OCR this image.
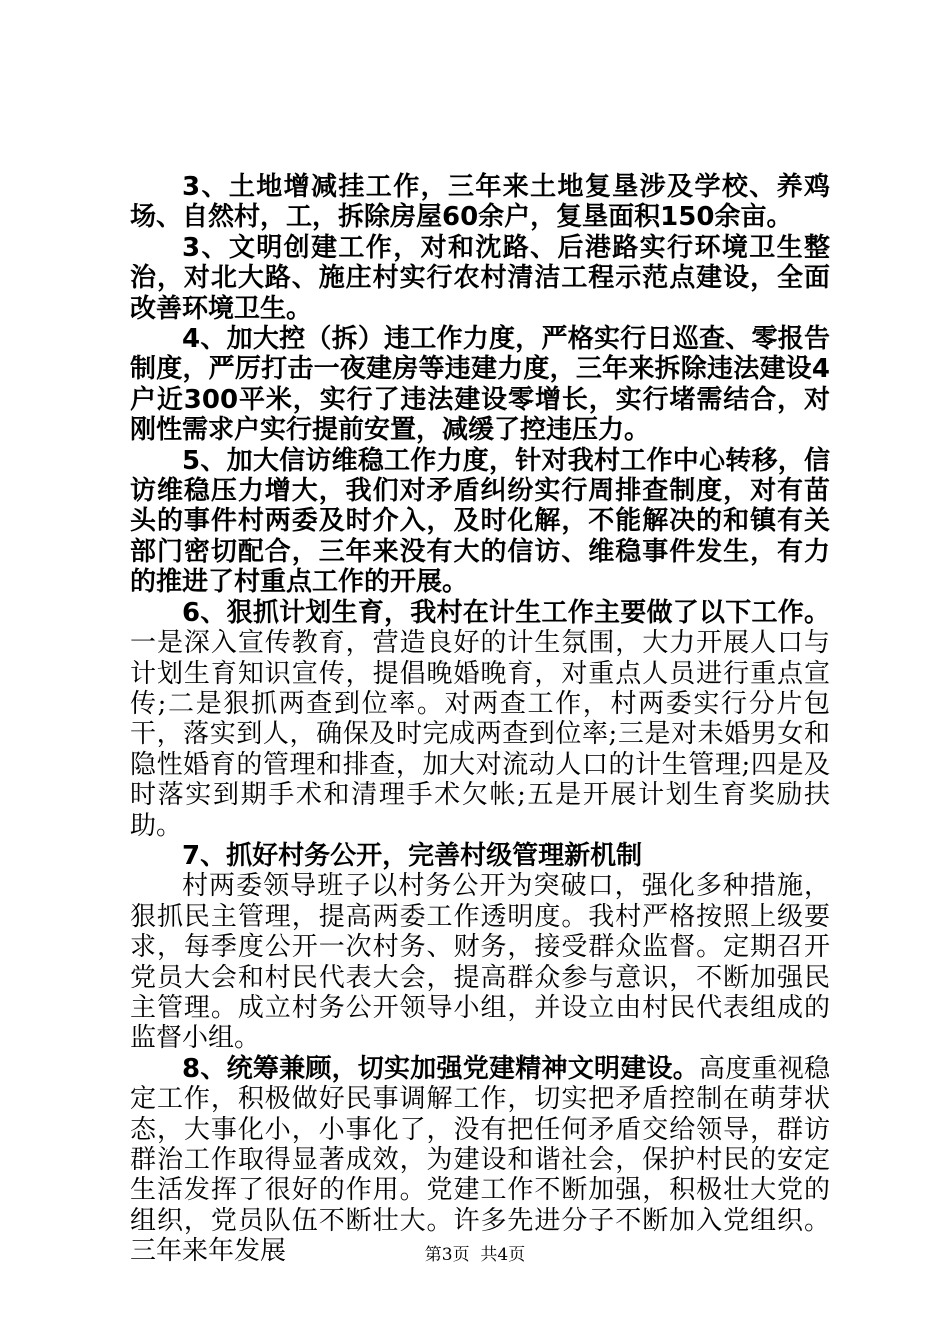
3、土地增减挂工作，三年来土地复垦涉及学校、养鸡场、自然村，工，拆除房屋60余户，复垦面积150余亩。

3、文明创建工作，对和沈路、后港路实行环境卫生整治，对北大路、施庄村实行农村清洁工程示范点建设，全面改善环境卫生。

4、加大控（拆）违工作力度，严格实行日巡查、零报告制度，严厉打击一夜建房等违建力度，三年来拆除违法建设4户近300平米，实行了违法建设零增长，实行堵需结合，对刚性需求户实行提前安置，减缓了控违压力。

5、加大信访维稳工作力度，针对我村工作中心转移，信访维稳压力增大，我们对矛盾纠纷实行周排查制度，对有苗头的事件村两委及时介入，及时化解，不能解决的和镇有关部门密切配合，三年来没有大的信访、维稳事件发生，有力的推进了村重点工作的开展。

6、狠抓计划生育，我村在计生工作主要做了以下工作。一是深入宣传教育，营造良好的计生氛围，大力开展人口与计划生育知识宣传，提倡晚婚晚育，对重点人员进行重点宣传;二是狠抓两查到位率。对两查工作，村两委实行分片包干，落实到人，确保及时完成两查到位率;三是对未婚男女和隐性婚育的管理和排查，加大对流动人口的计生管理;四是及时落实到期手术和清理手术欠帐;五是开展计划生育奖励扶助。

7、抓好村务公开，完善村级管理新机制

村两委领导班子以村务公开为突破口，强化多种措施，狠抓民主管理，提高两委工作透明度。我村严格按照上级要求，每季度公开一次村务、财务，接受群众监督。定期召开党员大会和村民代表大会，提高群众参与意识，不断加强民主管理。成立村务公开领导小组，并设立由村民代表组成的监督小组。

8、统筹兼顾，切实加强党建精神文明建设。高度重视稳定工作，积极做好民事调解工作，切实把矛盾控制在萌芽状态，大事化小，小事化了，没有把任何矛盾交给领导，群访群治工作取得显著成效，为建设和谐社会，保护村民的安定生活发挥了很好的作用。党建工作不断加强，积极壮大党的组织，党员队伍不断壮大。许多先进分子不断加入党组织。三年来年发展	第3页 共4页
